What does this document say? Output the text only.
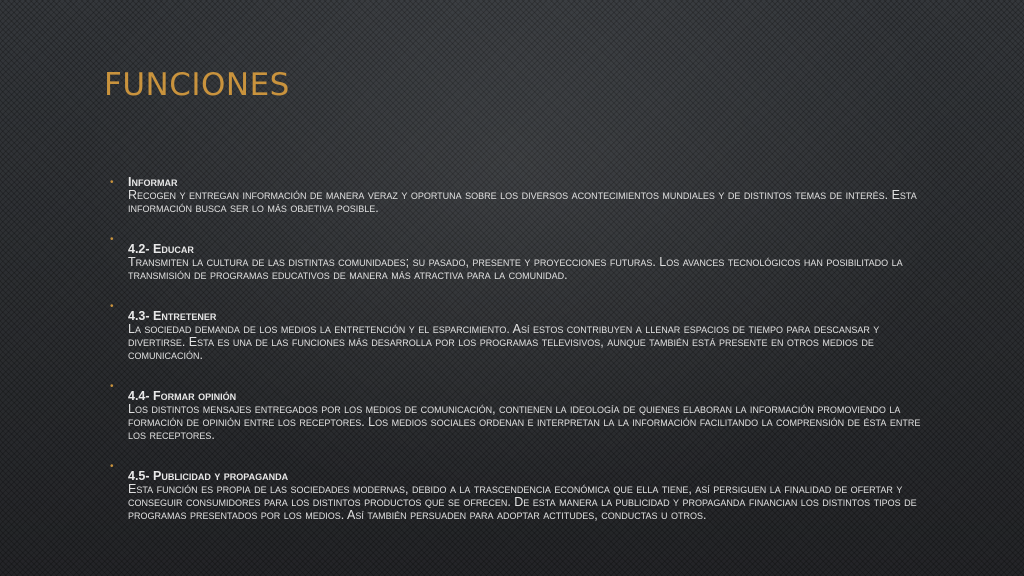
FUNCIONES
• Informar
Recogen y entregan información de manera veraz y oportuna sobre los diversos acontecimientos mundiales y de distintos temas de interés. Esta información busca ser lo más objetiva posible.
•
4.2- Educar
Transmiten la cultura de las distintas comunidades; su pasado, presente y proyecciones futuras. Los avances tecnológicos han posibilitado la transmisión de programas educativos de manera más atractiva para la comunidad.
•
4.3- Entretener
La sociedad demanda de los medios la entretención y el esparcimiento. Así estos contribuyen a llenar espacios de tiempo para descansar y divertirse. Esta es una de las funciones más desarrolla por los programas televisivos, aunque también está presente en otros medios de comunicación.
•
4.4- Formar opinión
Los distintos mensajes entregados por los medios de comunicación, contienen la ideología de quienes elaboran la información promoviendo la formación de opinión entre los receptores. Los medios sociales ordenan e interpretan la la información facilitando la comprensión de ésta entre los receptores.
•
4.5- Publicidad y propaganda
Esta función es propia de las sociedades modernas, debido a la trascendencia económica que ella tiene, así persiguen la finalidad de ofertar y conseguir consumidores para los distintos productos que se ofrecen. De esta manera la publicidad y propaganda financian los distintos tipos de programas presentados por los medios. Así también persuaden para adoptar actitudes, conductas u otros.
